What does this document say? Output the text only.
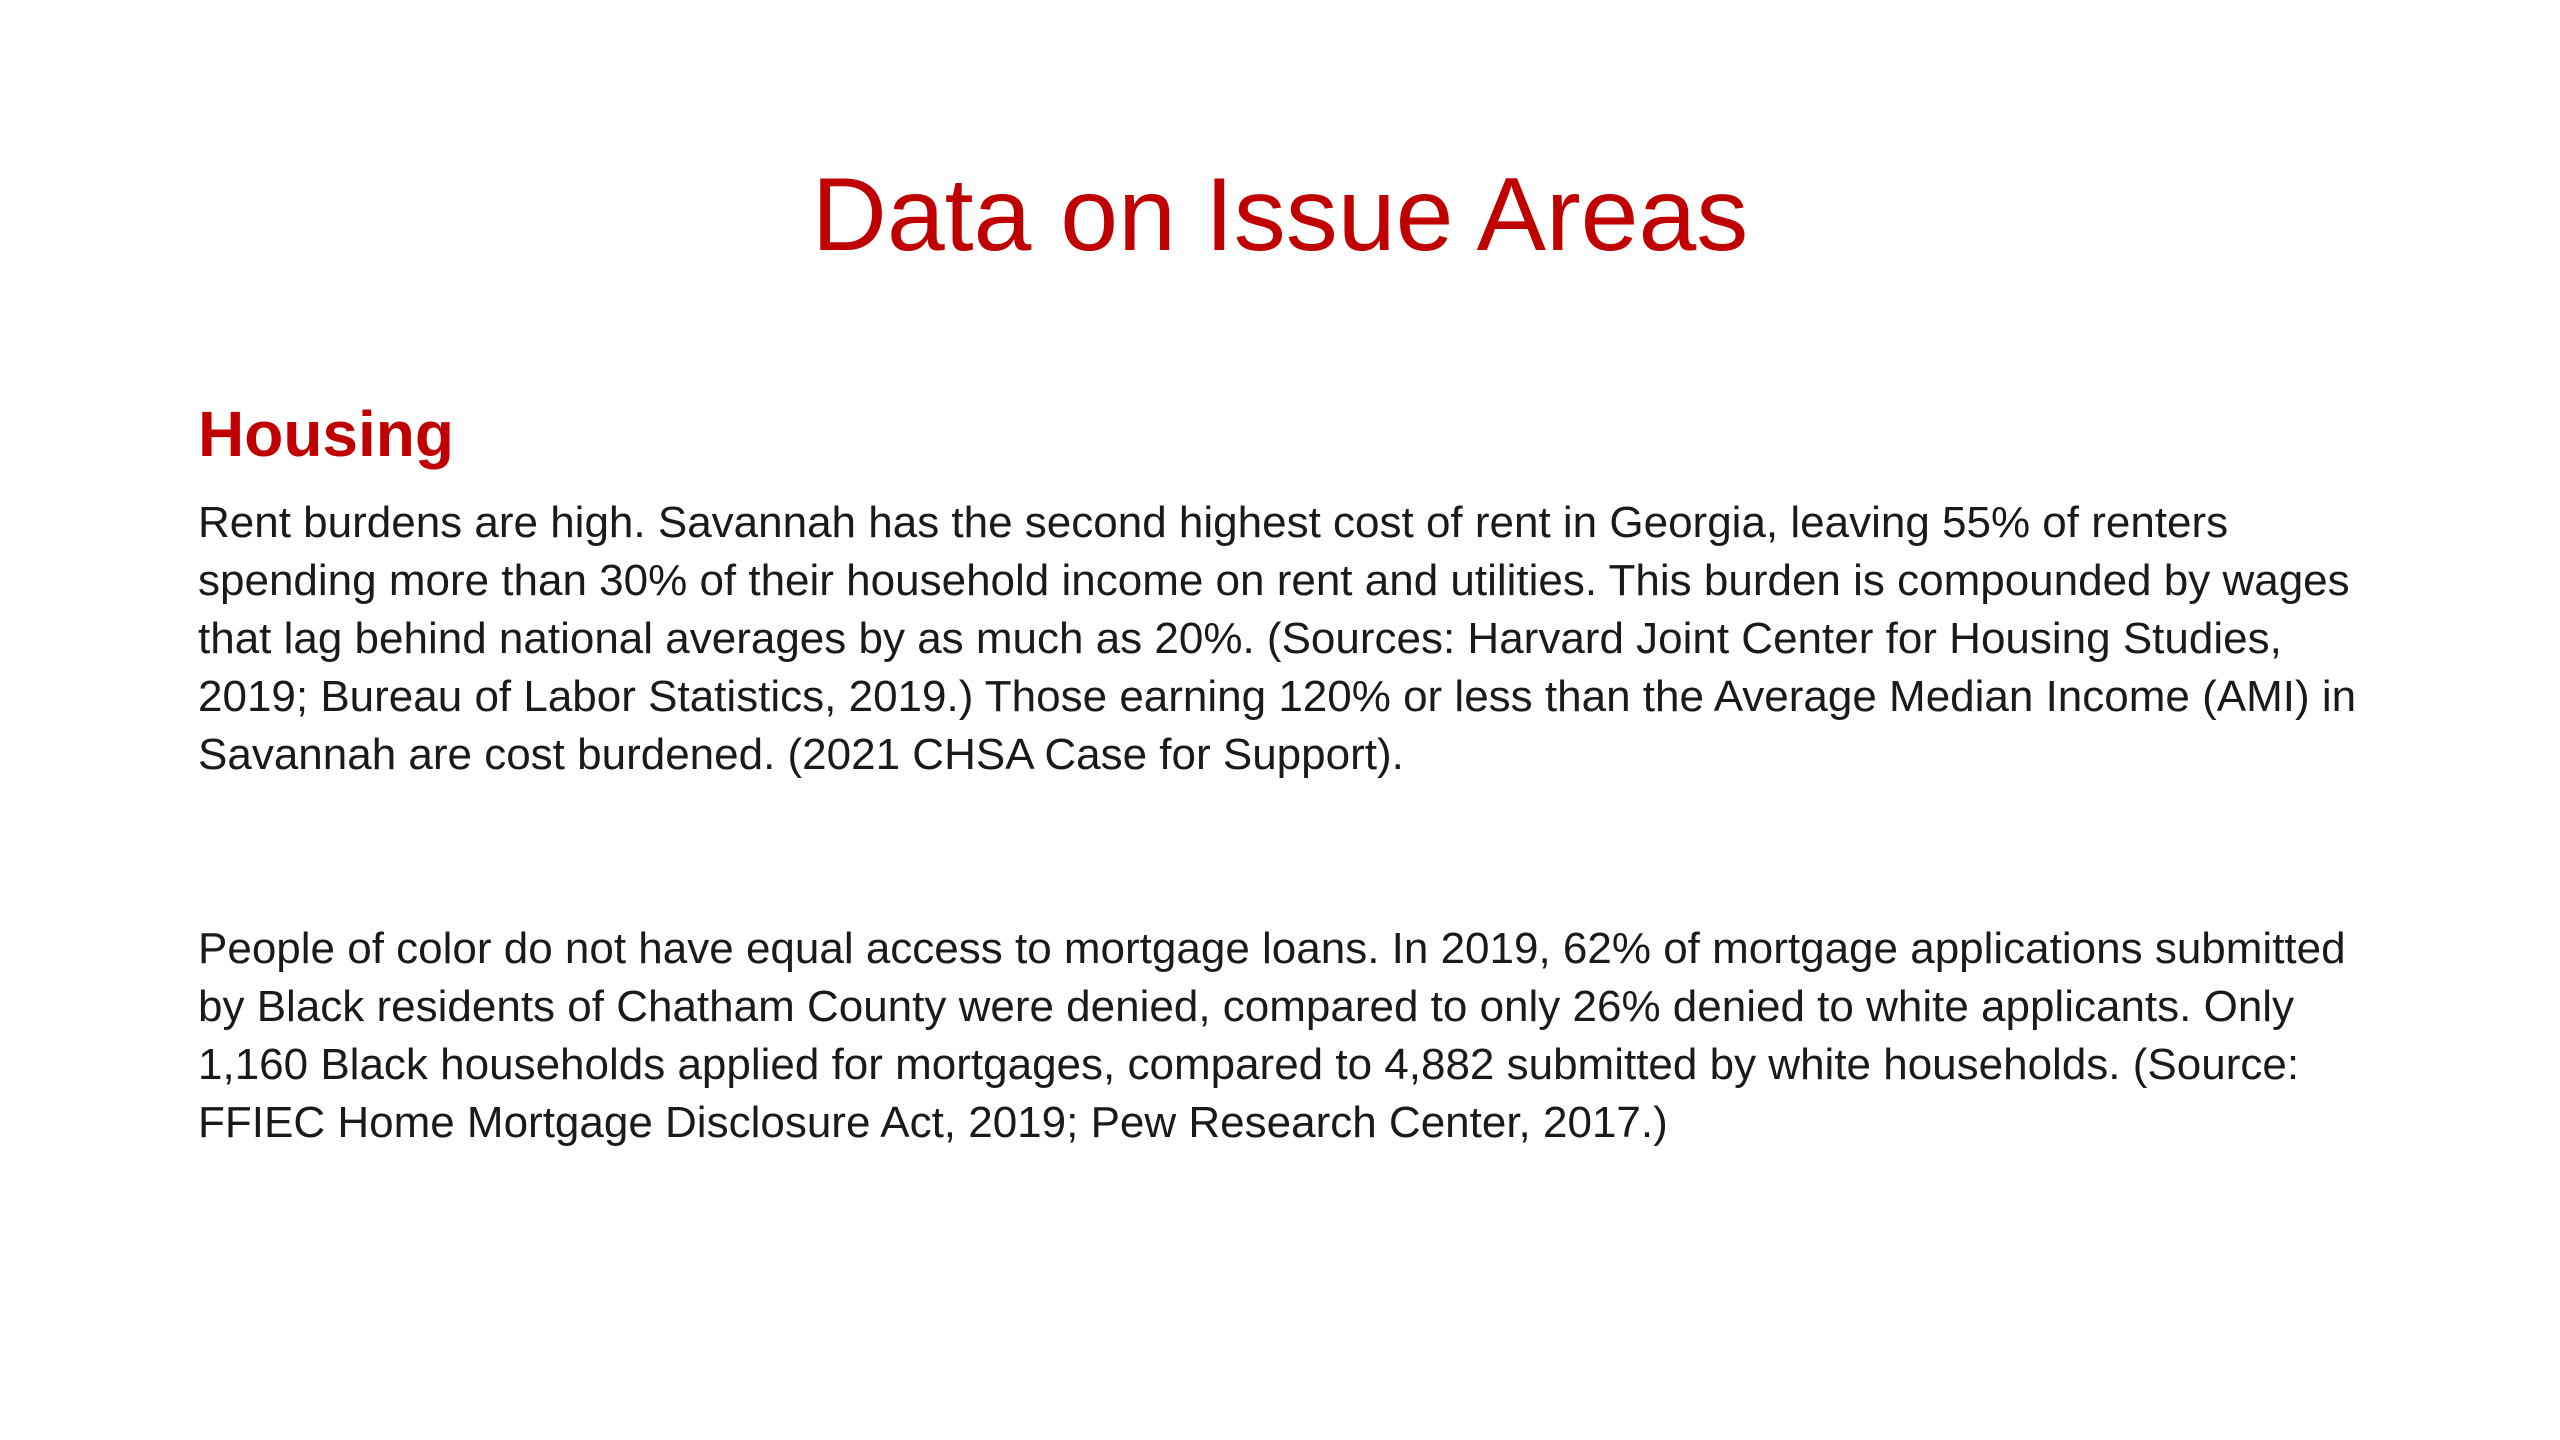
Data on Issue Areas
Housing

Rent burdens are high. Savannah has the second highest cost of rent in Georgia, leaving 55% of renters spending more than 30% of their household income on rent and utilities. This burden is compounded by wages that lag behind national averages by as much as 20%. (Sources: Harvard Joint Center for Housing Studies, 2019; Bureau of Labor Statistics, 2019.) Those earning 120% or less than the Average Median Income (AMI) in Savannah are cost burdened. (2021 CHSA Case for Support).

People of color do not have equal access to mortgage loans. In 2019, 62% of mortgage applications submitted by Black residents of Chatham County were denied, compared to only 26% denied to white applicants. Only 1,160 Black households applied for mortgages, compared to 4,882 submitted by white households. (Source: FFIEC Home Mortgage Disclosure Act, 2019; Pew Research Center, 2017.)
